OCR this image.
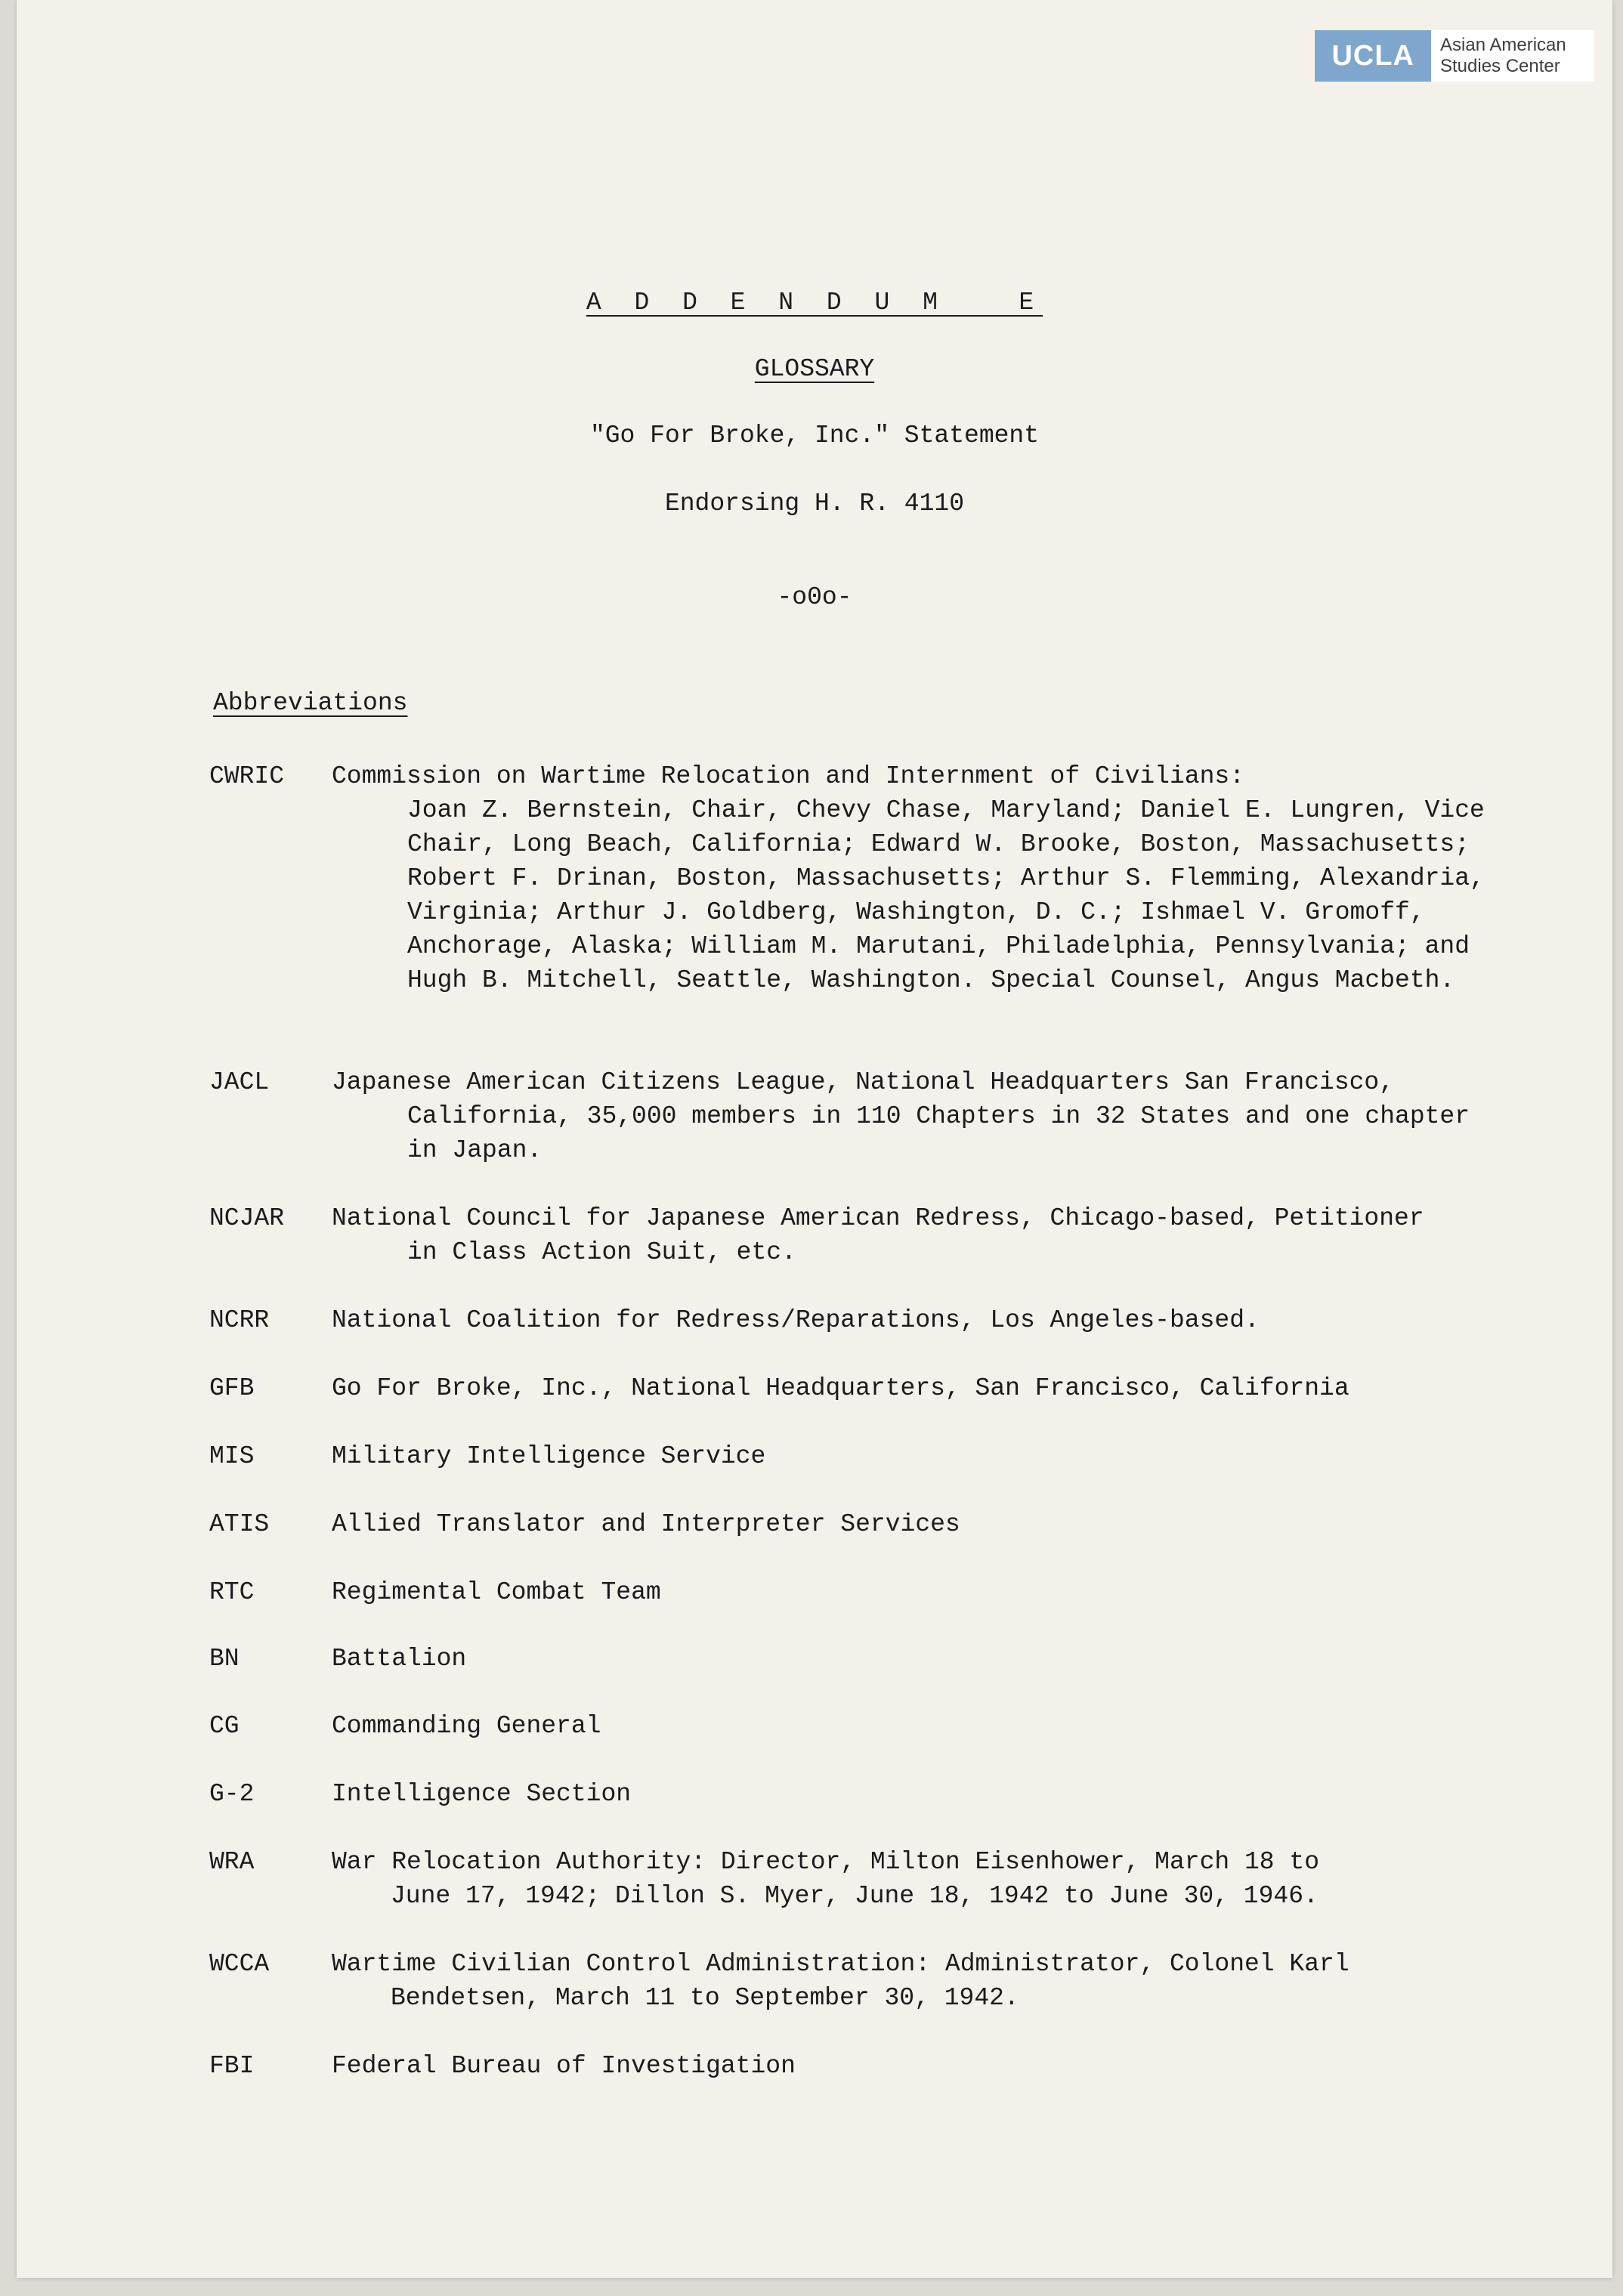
UCLA	Asian American Studies Center
A D D E N D U M   E
GLOSSARY
"Go For Broke, Inc." Statement
Endorsing H. R. 4110
-o0o-
Abbreviations
CWRIC Commission on Wartime Relocation and Internment of Civilians:
Joan Z. Bernstein, Chair, Chevy Chase, Maryland; Daniel E. Lungren, Vice Chair, Long Beach, California; Edward W. Brooke, Boston, Massachusetts; Robert F. Drinan, Boston, Massachusetts; Arthur S. Flemming, Alexandria, Virginia; Arthur J. Goldberg, Washington, D. C.; Ishmael V. Gromoff, Anchorage, Alaska; William M. Marutani, Philadelphia, Pennsylvania; and Hugh B. Mitchell, Seattle, Washington. Special Counsel, Angus Macbeth.
JACL	Japanese American Citizens League, National Headquarters San Francisco,
California, 35,000 members in 110 Chapters in 32 States and one chapter in Japan.
NCJAR National Council for Japanese American Redress, Chicago-based, Petitioner
in Class Action Suit, etc.
NCRR	National Coalition for Redress/Reparations, Los Angeles-based.
GFB	Go For Broke, Inc., National Headquarters, San Francisco, California
MIS	Military Intelligence Service
ATIS	Allied Translator and Interpreter Services
RTC	Regimental Combat Team
BN	Battalion
CG	Commanding General
G-2	Intelligence Section
WRA	War Relocation Authority: Director, Milton Eisenhower, March 18 to
June 17, 1942; Dillon S. Myer, June 18, 1942 to June 30, 1946.
WCCA	Wartime Civilian Control Administration: Administrator, Colonel Karl
Bendetsen, March 11 to September 30, 1942.
FBI	Federal Bureau of Investigation
